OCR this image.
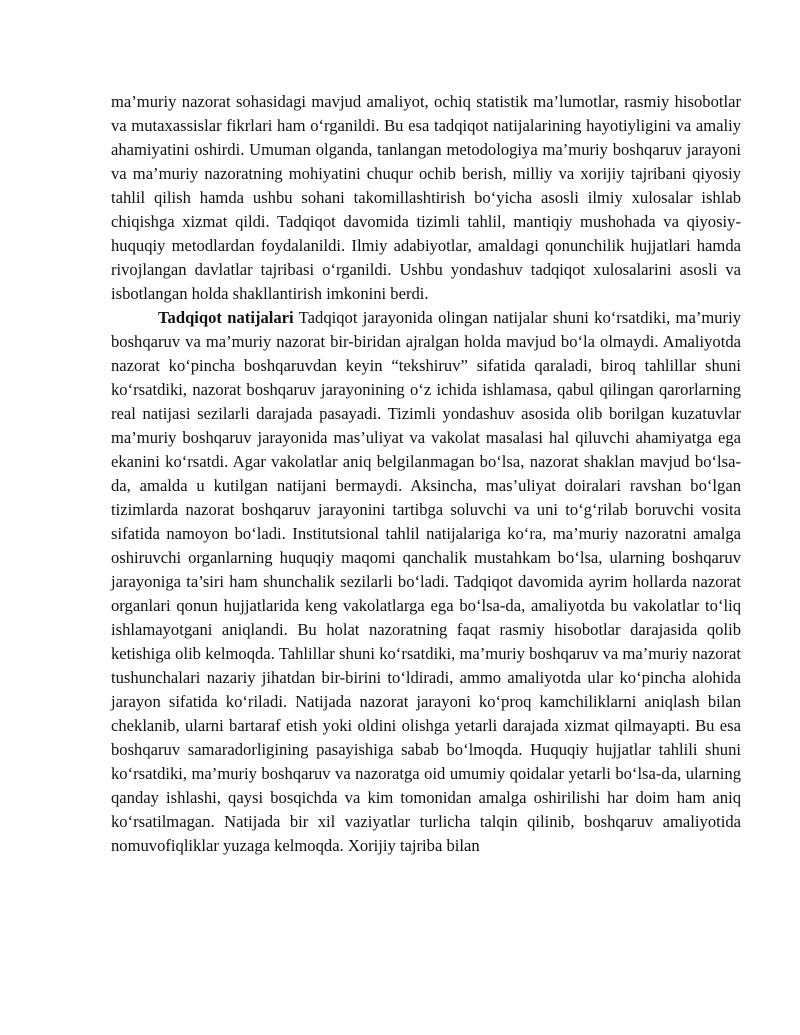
ma’muriy nazorat sohasidagi mavjud amaliyot, ochiq statistik ma’lumotlar, rasmiy hisobotlar va mutaxassislar fikrlari ham o‘rganildi. Bu esa tadqiqot natijalarining hayotiyligini va amaliy ahamiyatini oshirdi. Umuman olganda, tanlangan metodologiya ma’muriy boshqaruv jarayoni va ma’muriy nazoratning mohiyatini chuqur ochib berish, milliy va xorijiy tajribani qiyosiy tahlil qilish hamda ushbu sohani takomillashtirish bo‘yicha asosli ilmiy xulosalar ishlab chiqishga xizmat qildi. Tadqiqot davomida tizimli tahlil, mantiqiy mushohada va qiyosiy-huquqiy metodlardan foydalanildi. Ilmiy adabiyotlar, amaldagi qonunchilik hujjatlari hamda rivojlangan davlatlar tajribasi o‘rganildi. Ushbu yondashuv tadqiqot xulosalarini asosli va isbotlangan holda shakllantirish imkonini berdi.

Tadqiqot natijalari Tadqiqot jarayonida olingan natijalar shuni ko‘rsatdiki, ma’muriy boshqaruv va ma’muriy nazorat bir-biridan ajralgan holda mavjud bo‘la olmaydi. Amaliyotda nazorat ko‘pincha boshqaruvdan keyin “tekshiruv” sifatida qaraladi, biroq tahlillar shuni ko‘rsatdiki, nazorat boshqaruv jarayonining o‘z ichida ishlamasa, qabul qilingan qarorlarning real natijasi sezilarli darajada pasayadi. Tizimli yondashuv asosida olib borilgan kuzatuvlar ma’muriy boshqaruv jarayonida mas’uliyat va vakolat masalasi hal qiluvchi ahamiyatga ega ekanini ko‘rsatdi. Agar vakolatlar aniq belgilanmagan bo‘lsa, nazorat shaklan mavjud bo‘lsa-da, amalda u kutilgan natijani bermaydi. Aksincha, mas’uliyat doiralari ravshan bo‘lgan tizimlarda nazorat boshqaruv jarayonini tartibga soluvchi va uni to‘g‘rilab boruvchi vosita sifatida namoyon bo‘ladi. Institutsional tahlil natijalariga ko‘ra, ma’muriy nazoratni amalga oshiruvchi organlarning huquqiy maqomi qanchalik mustahkam bo‘lsa, ularning boshqaruv jarayoniga ta’siri ham shunchalik sezilarli bo‘ladi. Tadqiqot davomida ayrim hollarda nazorat organlari qonun hujjatlarida keng vakolatlarga ega bo‘lsa-da, amaliyotda bu vakolatlar to‘liq ishlamayotgani aniqlandi. Bu holat nazoratning faqat rasmiy hisobotlar darajasida qolib ketishiga olib kelmoqda. Tahlillar shuni ko‘rsatdiki, ma’muriy boshqaruv va ma’muriy nazorat tushunchalari nazariy jihatdan bir-birini to‘ldiradi, ammo amaliyotda ular ko‘pincha alohida jarayon sifatida ko‘riladi. Natijada nazorat jarayoni ko‘proq kamchiliklarni aniqlash bilan cheklanib, ularni bartaraf etish yoki oldini olishga yetarli darajada xizmat qilmayapti. Bu esa boshqaruv samaradorligining pasayishiga sabab bo‘lmoqda. Huquqiy hujjatlar tahlili shuni ko‘rsatdiki, ma’muriy boshqaruv va nazoratga oid umumiy qoidalar yetarli bo‘lsa-da, ularning qanday ishlashi, qaysi bosqichda va kim tomonidan amalga oshirilishi har doim ham aniq ko‘rsatilmagan. Natijada bir xil vaziyatlar turlicha talqin qilinib, boshqaruv amaliyotida nomuvofiqliklar yuzaga kelmoqda. Xorijiy tajriba bilan
